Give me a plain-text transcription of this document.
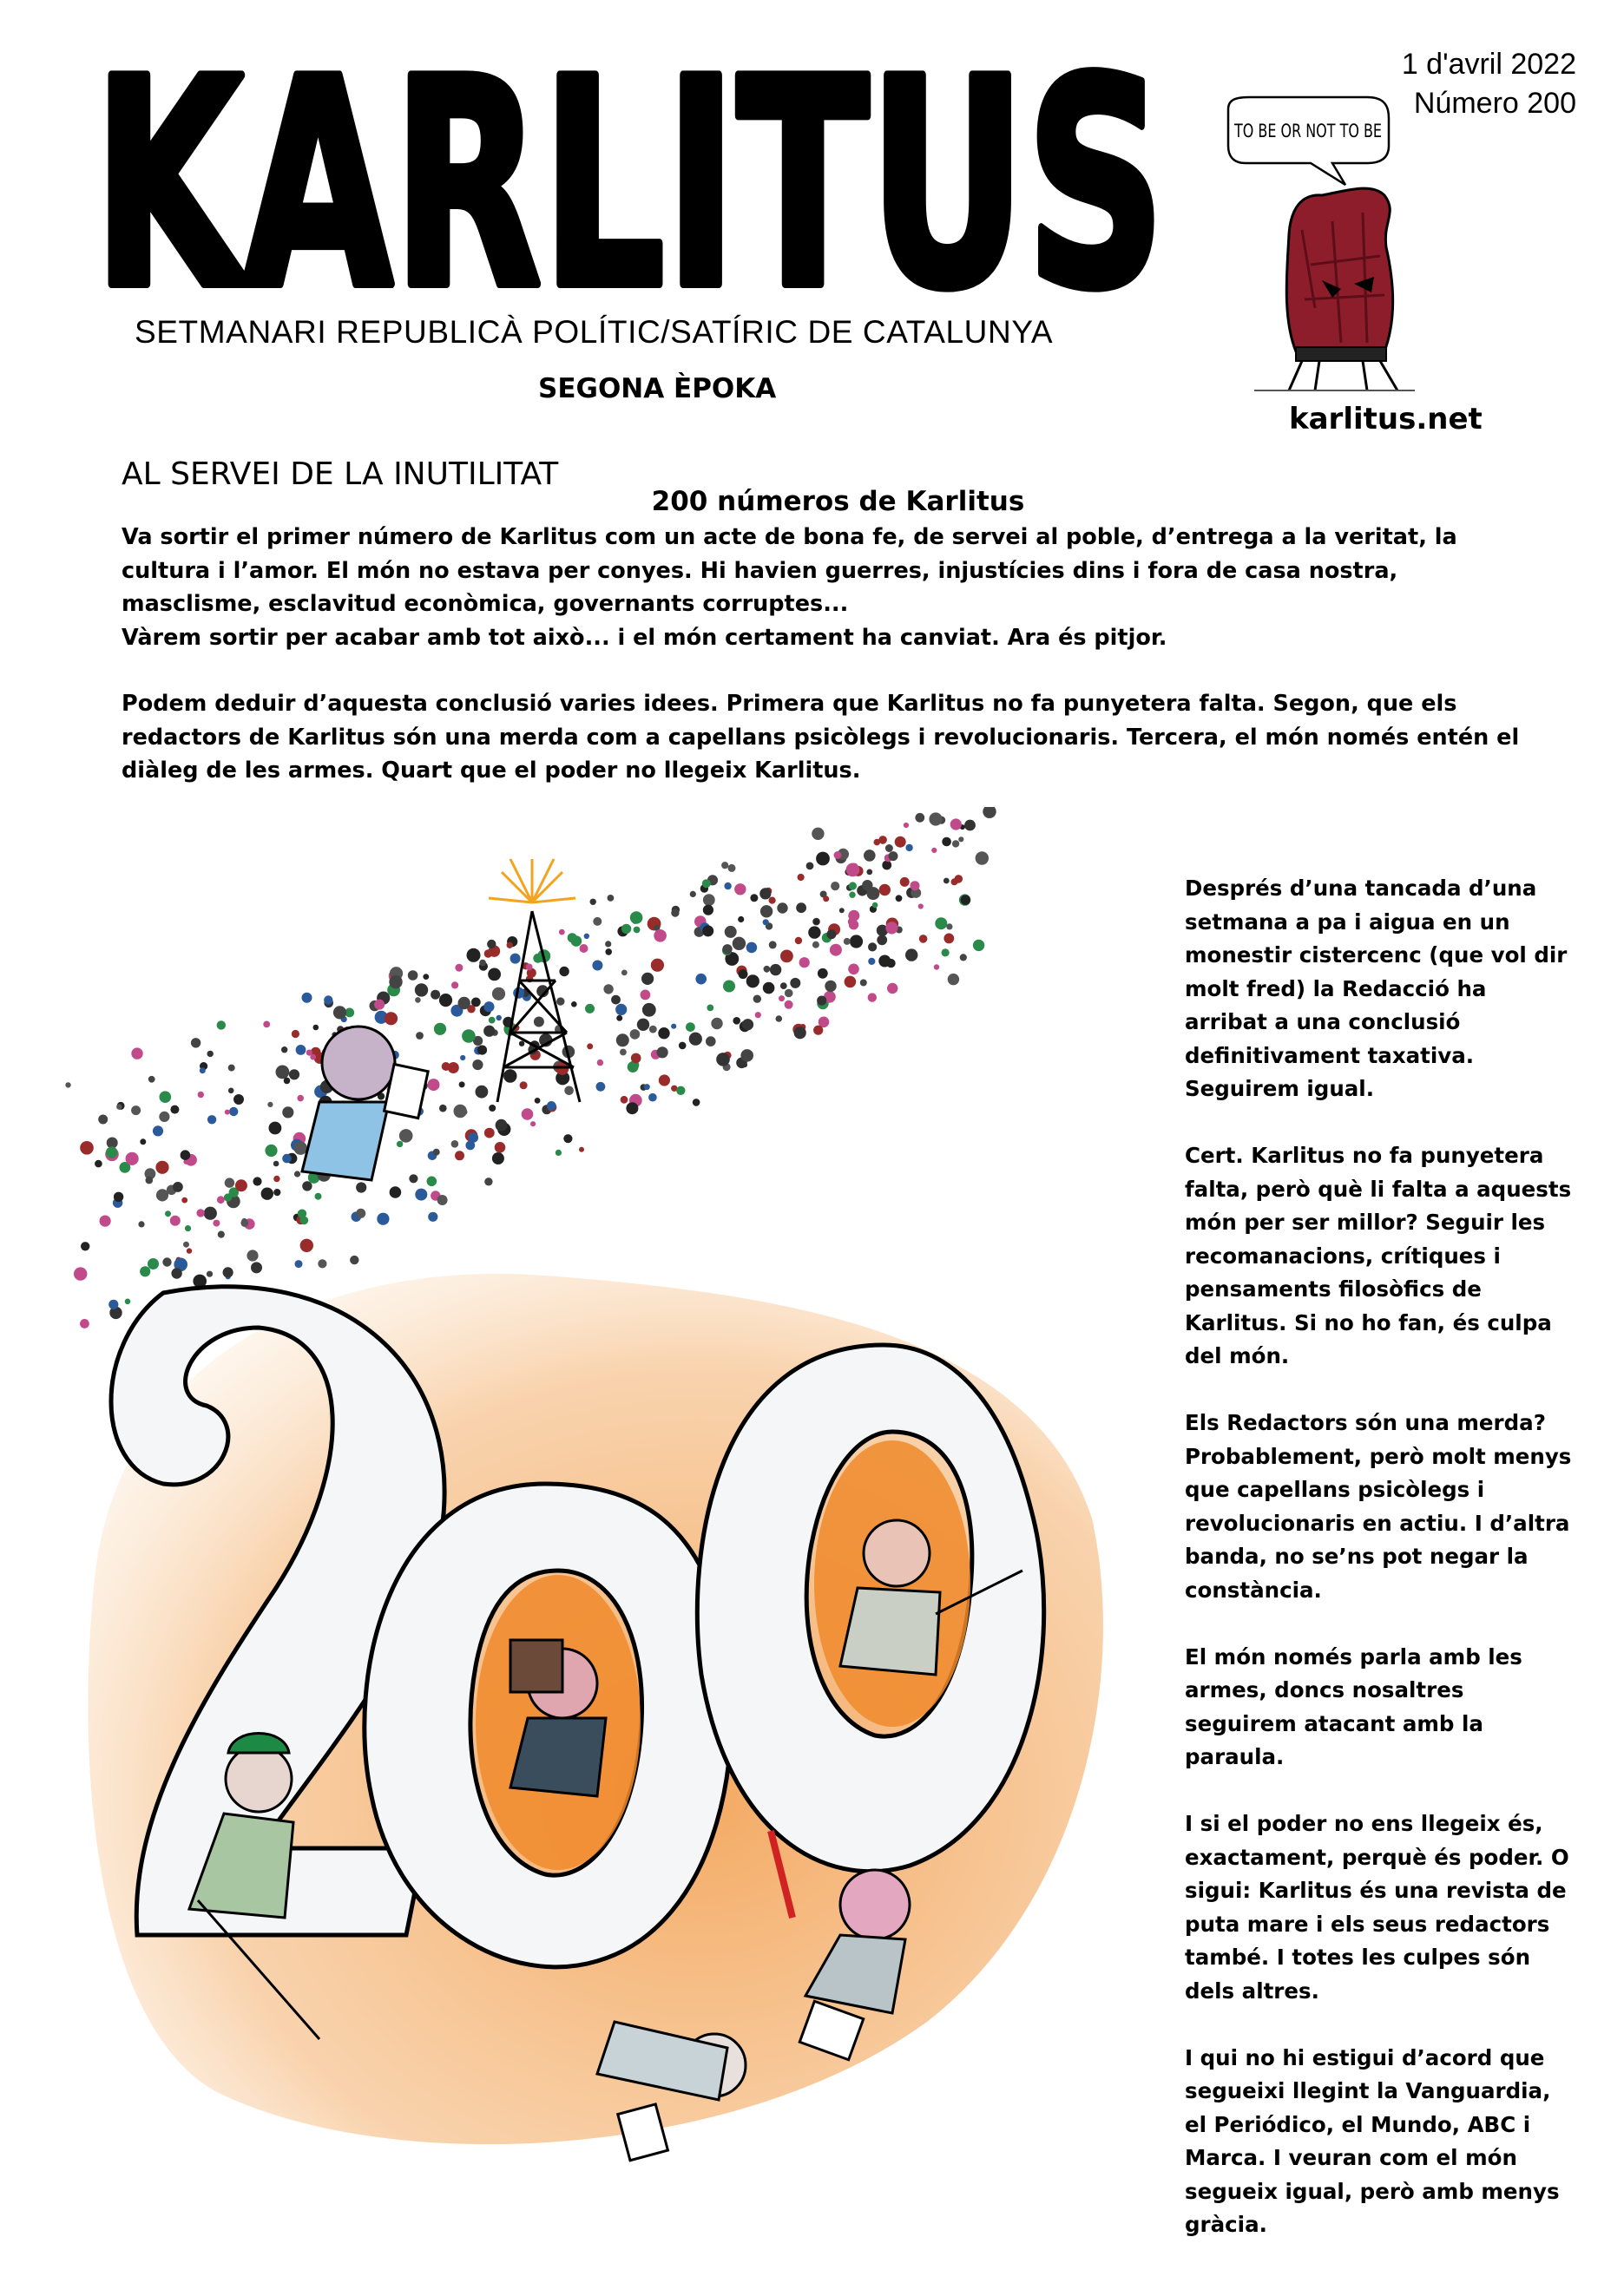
KARLITUS
SETMANARI REPUBLICÀ POLÍTIC/SATÍRIC DE CATALUNYA
SEGONA ÈPOKA
1 d'avril 2022
Número 200
TO BE OR NOT TO BE
karlitus.net
AL SERVEI DE LA INUTILITAT
200 números de Karlitus

Va sortir el primer número de Karlitus com un acte de bona fe, de servei al poble, d’entrega a la veritat, la cultura i l’amor. El món no estava per conyes. Hi havien guerres, injustícies dins i fora de casa nostra, masclisme, esclavitud econòmica, governants corruptes...

Vàrem sortir per acabar amb tot això... i el món certament ha canviat. Ara és pitjor.

Podem deduir d’aquesta conclusió varies idees. Primera que Karlitus no fa punyetera falta. Segon, que els redactors de Karlitus són una merda com a capellans psicòlegs i revolucionaris. Tercera, el món només entén el diàleg de les armes. Quart que el poder no llegeix Karlitus.

Després d’una tancada d’una setmana a pa i aigua en un monestir cistercenc (que vol dir molt fred) la Redacció ha arribat a una conclusió definitivament taxativa. Seguirem igual.

Cert. Karlitus no fa punyetera falta, però què li falta a aquests món per ser millor? Seguir les recomanacions, crítiques i pensaments filosòfics de Karlitus. Si no ho fan, és culpa del món.

Els Redactors són una merda? Probablement, però molt menys que capellans psicòlegs i revolucionaris en actiu. I d’altra banda, no se’ns pot negar la constància.

El món només parla amb les armes, doncs nosaltres seguirem atacant amb la paraula.

I si el poder no ens llegeix és, exactament, perquè és poder. O sigui: Karlitus és una revista de puta mare i els seus redactors també. I totes les culpes són dels altres.

I qui no hi estigui d’acord que segueixi llegint la Vanguardia, el Periódico, el Mundo, ABC i Marca. I veuran com el món segueix igual, però amb menys gràcia.
